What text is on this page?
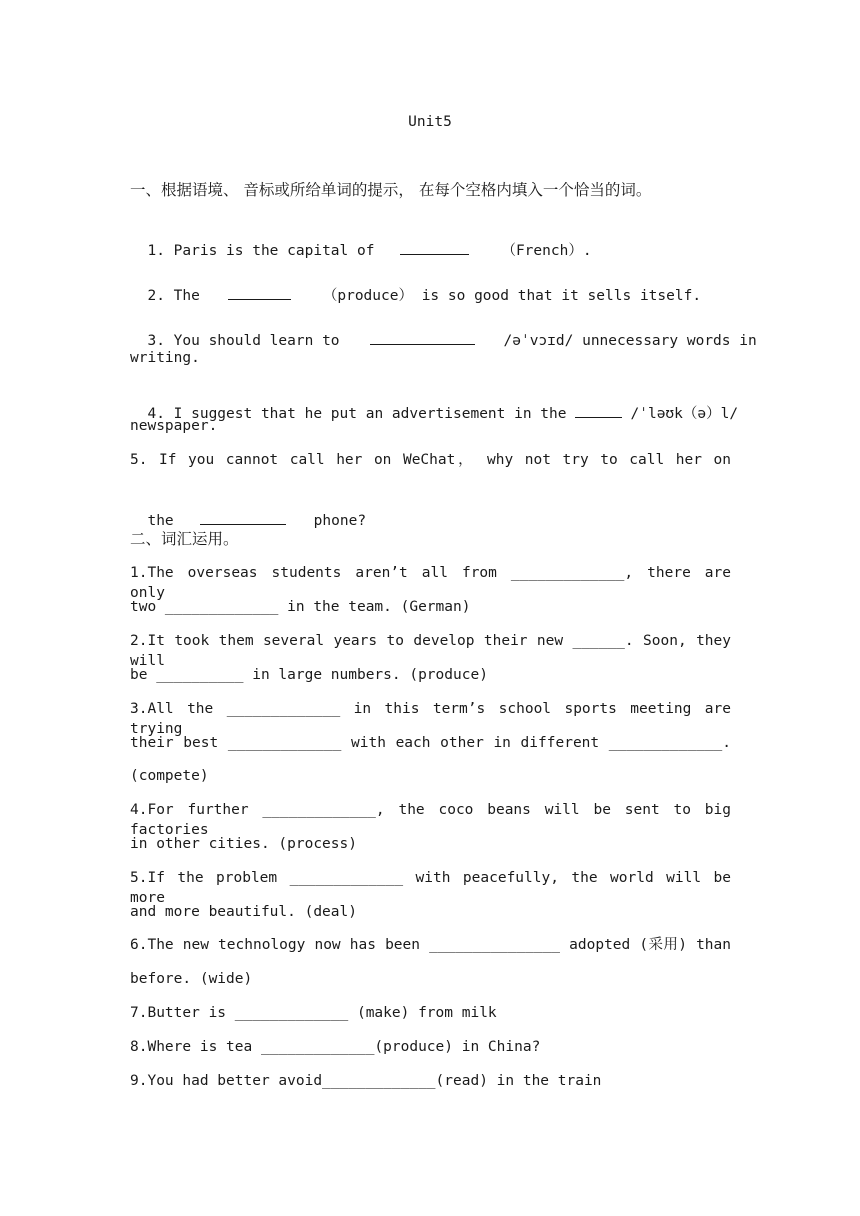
Unit5
一、根据语境、 音标或所给单词的提示， 在每个空格内填入一个恰当的词。

1. Paris is the capital of	（French）.

2. The	（produce） is so good that it sells itself.

3. You should learn to	/əˈvɔɪd/ unnecessary words in

writing.

4. I suggest that he put an advertisement in the	/ˈləʊk（ə）l/

newspaper.
5. If you cannot call her on WeChat， why not try to call her on

the	phone?

二、词汇运用。
1.The overseas students aren’t all from _____________, there are only
two _____________ in the team. (German)
2.It took them several years to develop their new ______. Soon, they will
be __________ in large numbers. (produce)
3.All the _____________ in this term’s school sports meeting are trying
their best _____________ with each other in different _____________.
(compete)
4.For further _____________, the coco beans will be sent to big factories
in other cities. (process)
5.If the problem _____________ with peacefully, the world will be more
and more beautiful. (deal)
6.The new technology now has been _______________ adopted (采用) than
before. (wide)
7.Butter is _____________ (make) from milk
8.Where is tea _____________(produce) in China?
9.You had better avoid_____________(read) in the train
